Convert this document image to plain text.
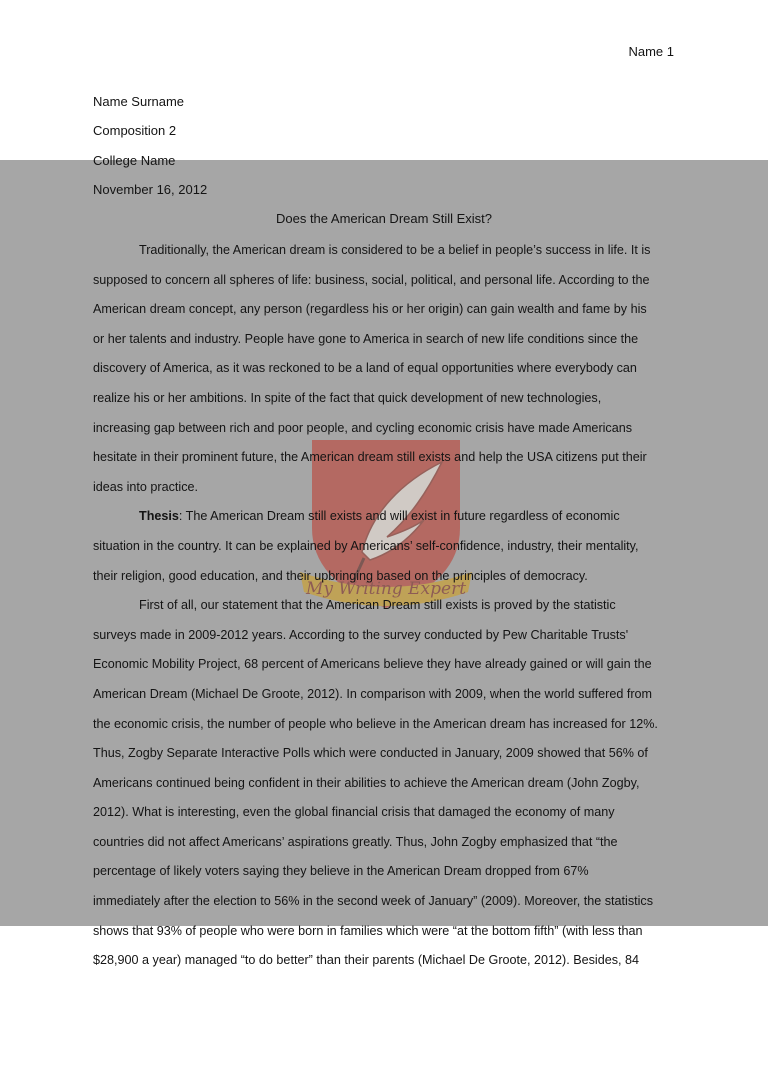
My Writing Expert

Name 1

Name Surname

Composition 2

College Name

November 16, 2012

Does the American Dream Still Exist?

Traditionally, the American dream is considered to be a belief in people’s success in life. It is
supposed to concern all spheres of life: business, social, political, and personal life. According to the
American dream concept, any person (regardless his or her origin) can gain wealth and fame by his
or her talents and industry. People have gone to America in search of new life conditions since the
discovery of America, as it was reckoned to be a land of equal opportunities where everybody can
realize his or her ambitions. In spite of the fact that quick development of new technologies,
increasing gap between rich and poor people, and cycling economic crisis have made Americans
hesitate in their prominent future, the American dream still exists and help the USA citizens put their
ideas into practice.

Thesis: The American Dream still exists and will exist in future regardless of economic
situation in the country. It can be explained by Americans’ self-confidence, industry, their mentality,
their religion, good education, and their upbringing based on the principles of democracy.

First of all, our statement that the American Dream still exists is proved by the statistic
surveys made in 2009-2012 years. According to the survey conducted by Pew Charitable Trusts'
Economic Mobility Project, 68 percent of Americans believe they have already gained or will gain the
American Dream (Michael De Groote, 2012). In comparison with 2009, when the world suffered from
the economic crisis, the number of people who believe in the American dream has increased for 12%.
Thus, Zogby Separate Interactive Polls which were conducted in January, 2009 showed that 56% of
Americans continued being confident in their abilities to achieve the American dream (John Zogby,
2012). What is interesting, even the global financial crisis that damaged the economy of many
countries did not affect Americans’ aspirations greatly. Thus, John Zogby emphasized that “the
percentage of likely voters saying they believe in the American Dream dropped from 67%
immediately after the election to 56% in the second week of January” (2009). Moreover, the statistics
shows that 93% of people who were born in families which were “at the bottom fifth” (with less than
$28,900 a year) managed “to do better” than their parents (Michael De Groote, 2012). Besides, 84
